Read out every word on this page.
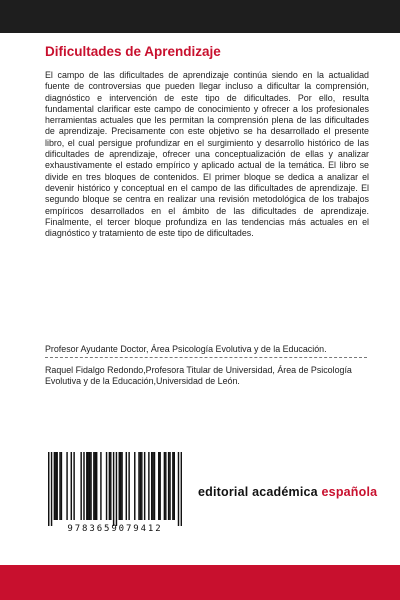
Dificultades de Aprendizaje
El campo de las dificultades de aprendizaje continúa siendo en la actualidad fuente de controversias que pueden llegar incluso a dificultar la comprensión, diagnóstico e intervención de este tipo de dificultades. Por ello, resulta fundamental clarificar este campo de conocimiento y ofrecer a los profesionales herramientas actuales que les permitan la comprensión plena de las dificultades de aprendizaje. Precisamente con este objetivo se ha desarrollado el presente libro, el cual persigue profundizar en el surgimiento y desarrollo histórico de las dificultades de aprendizaje, ofrecer una conceptualización de ellas y analizar exhaustivamente el estado empírico y aplicado actual de la temática. El libro se divide en tres bloques de contenidos. El primer bloque se dedica a analizar el devenir histórico y conceptual en el campo de las dificultades de aprendizaje. El segundo bloque se centra en realizar una revisión metodológica de los trabajos empíricos desarrollados en el ámbito de las dificultades de aprendizaje. Finalmente, el tercer bloque profundiza en las tendencias más actuales en el diagnóstico y tratamiento de este tipo de dificultades.
Profesor Ayudante Doctor, Área Psicología Evolutiva y de la Educación.
Raquel Fidalgo Redondo,Profesora Titular de Universidad, Área de Psicología Evolutiva y de la Educación,Universidad de León.
9783659079412
editorial académica española
